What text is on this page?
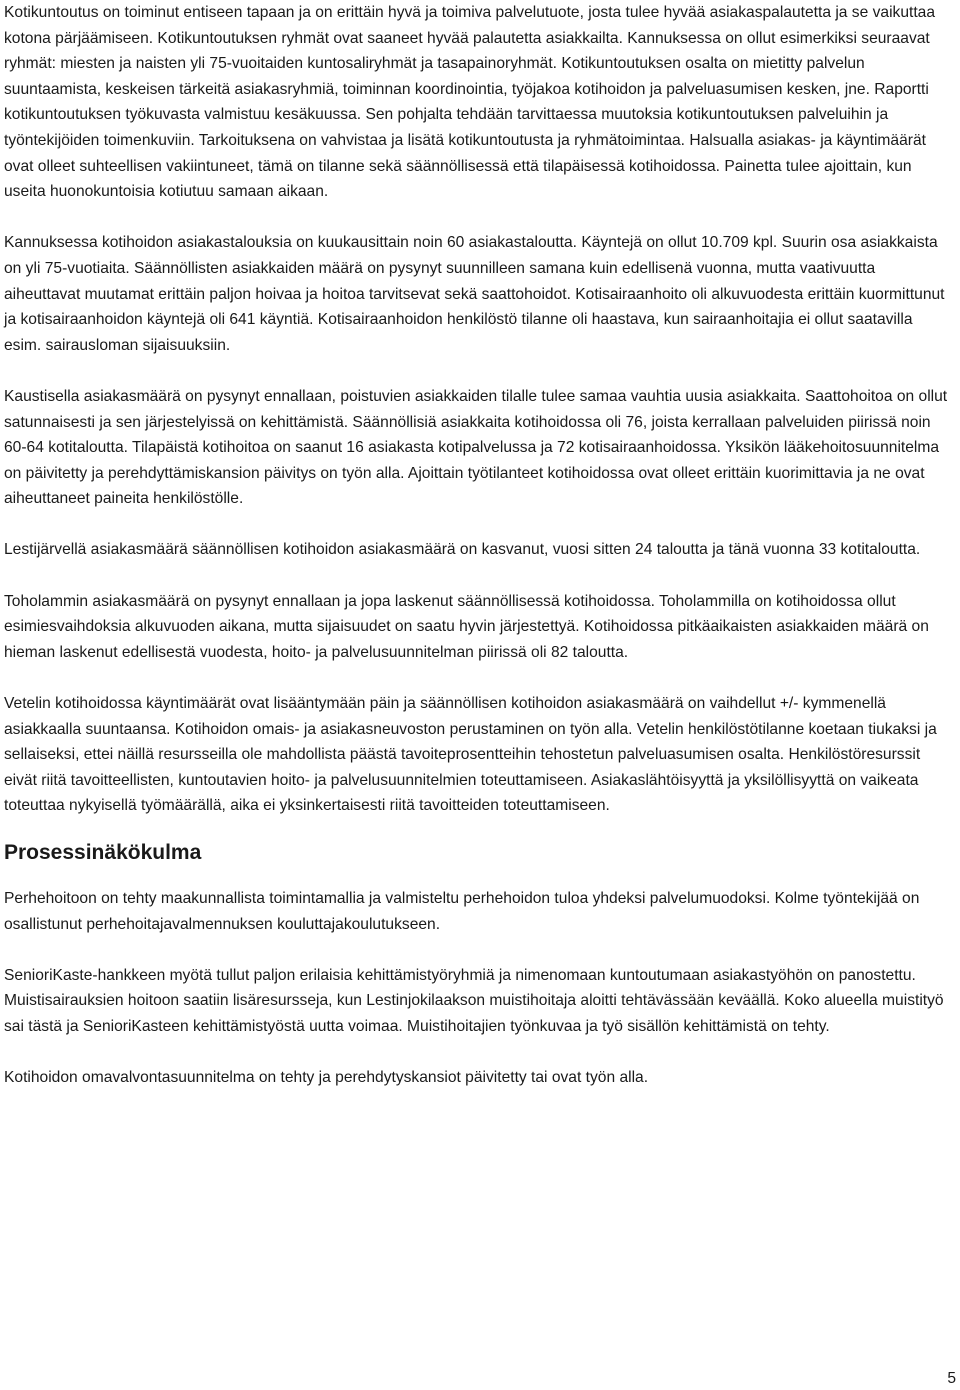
Kotikuntoutus on toiminut entiseen tapaan ja on erittäin hyvä ja toimiva palvelutuote, josta tulee hyvää asiakaspalautetta ja se vaikuttaa kotona pärjäämiseen. Kotikuntoutuksen ryhmät ovat saaneet hyvää palautetta asiakkailta. Kannuksessa on ollut esimerkiksi seuraavat ryhmät: miesten ja naisten yli 75-vuoitaiden kuntosaliryhmät ja tasapainoryhmät. Kotikuntoutuksen osalta on mietitty palvelun suuntaamista, keskeisen tärkeitä asiakasryhmiä, toiminnan koordinointia, työjakoa kotihoidon ja palveluasumisen kesken, jne. Raportti kotikuntoutuksen työkuvasta valmistuu kesäkuussa. Sen pohjalta tehdään tarvittaessa muutoksia kotikuntoutuksen palveluihin ja työntekijöiden toimenkuviin. Tarkoituksena on vahvistaa ja lisätä kotikuntoutusta ja ryhmätoimintaa. Halsualla asiakas- ja käyntimäärät ovat olleet suhteellisen vakiintuneet, tämä on tilanne sekä säännöllisessä että tilapäisessä kotihoidossa. Painetta tulee ajoittain, kun useita huonokuntoisia kotiutuu samaan aikaan.

Kannuksessa kotihoidon asiakastalouksia on kuukausittain noin 60 asiakastaloutta. Käyntejä on ollut 10.709 kpl. Suurin osa asiakkaista on yli 75-vuotiaita. Säännöllisten asiakkaiden määrä on pysynyt suunnilleen samana kuin edellisenä vuonna, mutta vaativuutta aiheuttavat muutamat erittäin paljon hoivaa ja hoitoa tarvitsevat sekä saattohoidot. Kotisairaanhoito oli alkuvuodesta erittäin kuormittunut ja kotisairaanhoidon käyntejä oli 641 käyntiä. Kotisairaanhoidon henkilöstö tilanne oli haastava, kun sairaanhoitajia ei ollut saatavilla esim. sairausloman sijaisuuksiin.

Kaustisella asiakasmäärä on pysynyt ennallaan, poistuvien asiakkaiden tilalle tulee samaa vauhtia uusia asiakkaita. Saattohoitoa on ollut satunnaisesti ja sen järjestelyissä on kehittämistä. Säännöllisiä asiakkaita kotihoidossa oli 76, joista kerrallaan palveluiden piirissä noin 60-64 kotitaloutta. Tilapäistä kotihoitoa on saanut 16 asiakasta kotipalvelussa ja 72 kotisairaanhoidossa. Yksikön lääkehoitosuunnitelma on päivitetty ja perehdyttämiskansion päivitys on työn alla. Ajoittain työtilanteet kotihoidossa ovat olleet erittäin kuorimittavia ja ne ovat aiheuttaneet paineita henkilöstölle.

Lestijärvellä asiakasmäärä säännöllisen kotihoidon asiakasmäärä on kasvanut, vuosi sitten 24 taloutta ja tänä vuonna 33 kotitaloutta.

Toholammin asiakasmäärä on pysynyt ennallaan ja jopa laskenut säännöllisessä kotihoidossa. Toholammilla on kotihoidossa ollut esimiesvaihdoksia alkuvuoden aikana, mutta sijaisuudet on saatu hyvin järjestettyä. Kotihoidossa pitkäaikaisten asiakkaiden määrä on hieman laskenut edellisestä vuodesta, hoito- ja palvelusuunnitelman piirissä oli 82 taloutta.

Vetelin kotihoidossa käyntimäärät ovat lisääntymään päin ja säännöllisen kotihoidon asiakasmäärä on vaihdellut +/- kymmenellä asiakkaalla suuntaansa. Kotihoidon omais- ja asiakasneuvoston perustaminen on työn alla. Vetelin henkilöstötilanne koetaan tiukaksi ja sellaiseksi, ettei näillä resursseilla ole mahdollista päästä tavoiteprosentteihin tehostetun palveluasumisen osalta. Henkilöstöresurssit eivät riitä tavoitteellisten, kuntoutavien hoito- ja palvelusuunnitelmien toteuttamiseen. Asiakaslähtöisyyttä ja yksilöllisyyttä on vaikeata toteuttaa nykyisellä työmäärällä, aika ei yksinkertaisesti riitä tavoitteiden toteuttamiseen.

Prosessinäkökulma

Perhehoitoon on tehty maakunnallista toimintamallia ja valmisteltu perhehoidon tuloa yhdeksi palvelumuodoksi. Kolme työntekijää on osallistunut perhehoitajavalmennuksen kouluttajakoulutukseen.

SenioriKaste-hankkeen myötä tullut paljon erilaisia kehittämistyöryhmiä ja nimenomaan kuntoutumaan asiakastyöhön on panostettu. Muistisairauksien hoitoon saatiin lisäresursseja, kun Lestinjokilaakson muistihoitaja aloitti tehtävässään keväällä. Koko alueella muistityö sai tästä ja SenioriKasteen kehittämistyöstä uutta voimaa. Muistihoitajien työnkuvaa ja työ sisällön kehittämistä on tehty.

Kotihoidon omavalvontasuunnitelma on tehty ja perehdytyskansiot päivitetty tai ovat työn alla.

5
